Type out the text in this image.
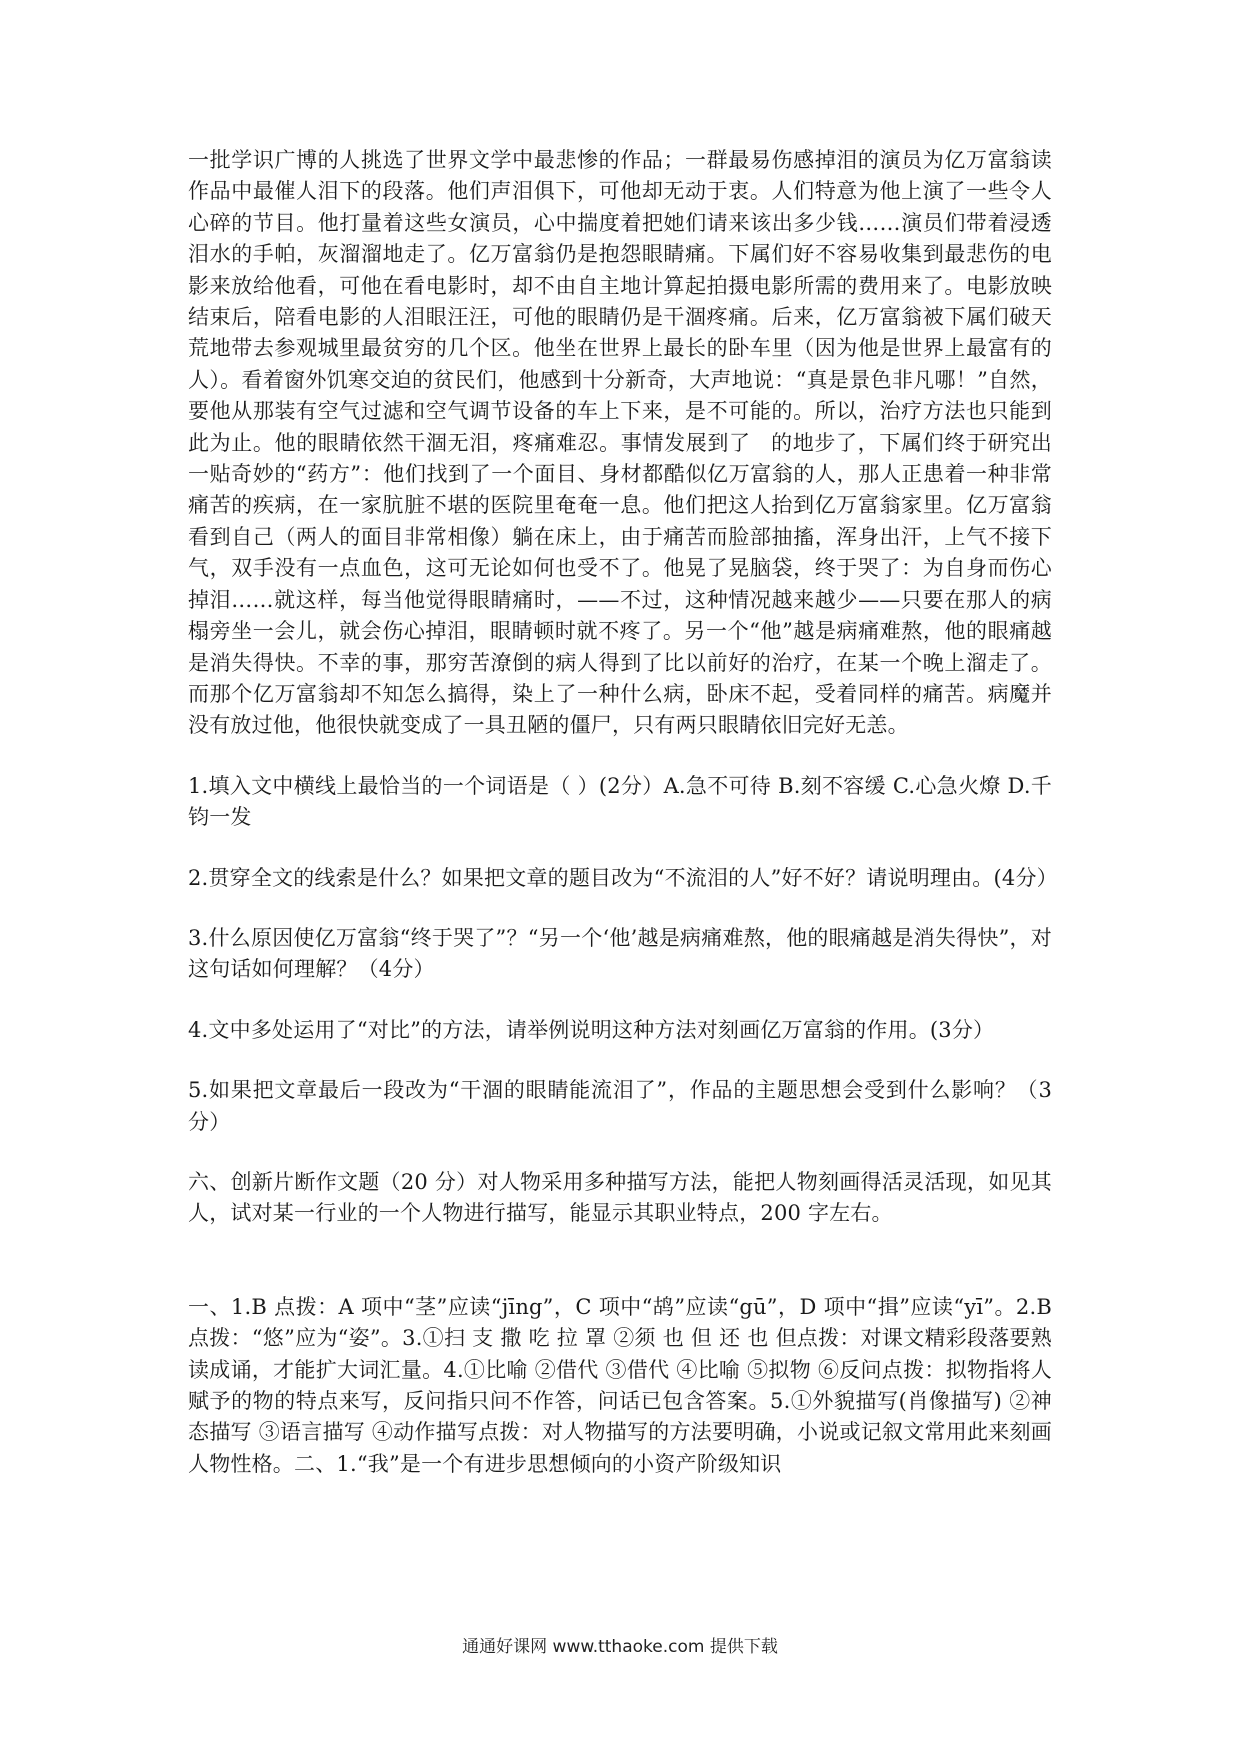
一批学识广博的人挑选了世界文学中最悲惨的作品；一群最易伤感掉泪的演员为亿万富翁读作品中最催人泪下的段落。他们声泪俱下，可他却无动于衷。人们特意为他上演了一些令人心碎的节目。他打量着这些女演员，心中揣度着把她们请来该出多少钱……演员们带着浸透泪水的手帕，灰溜溜地走了。亿万富翁仍是抱怨眼睛痛。下属们好不容易收集到最悲伤的电影来放给他看，可他在看电影时，却不由自主地计算起拍摄电影所需的费用来了。电影放映结束后，陪看电影的人泪眼汪汪，可他的眼睛仍是干涸疼痛。后来，亿万富翁被下属们破天荒地带去参观城里最贫穷的几个区。他坐在世界上最长的卧车里（因为他是世界上最富有的人）。看着窗外饥寒交迫的贫民们，他感到十分新奇，大声地说：“真是景色非凡哪！”自然，要他从那装有空气过滤和空气调节设备的车上下来，是不可能的。所以，治疗方法也只能到此为止。他的眼睛依然干涸无泪，疼痛难忍。事情发展到了 的地步了，下属们终于研究出一贴奇妙的“药方”：他们找到了一个面目、身材都酷似亿万富翁的人，那人正患着一种非常痛苦的疾病，在一家肮脏不堪的医院里奄奄一息。他们把这人抬到亿万富翁家里。亿万富翁看到自己（两人的面目非常相像）躺在床上，由于痛苦而脸部抽搐，浑身出汗，上气不接下气，双手没有一点血色，这可无论如何也受不了。他晃了晃脑袋，终于哭了：为自身而伤心掉泪……就这样，每当他觉得眼睛痛时，——不过，这种情况越来越少——只要在那人的病榻旁坐一会儿，就会伤心掉泪，眼睛顿时就不疼了。另一个“他”越是病痛难熬，他的眼痛越是消失得快。不幸的事，那穷苦潦倒的病人得到了比以前好的治疗，在某一个晚上溜走了。而那个亿万富翁却不知怎么搞得，染上了一种什么病，卧床不起，受着同样的痛苦。病魔并没有放过他，他很快就变成了一具丑陋的僵尸，只有两只眼睛依旧完好无恙。

1.填入文中横线上最恰当的一个词语是（ ）(2分）A.急不可待 B.刻不容缓 C.心急火燎 D.千钧一发

2.贯穿全文的线索是什么？如果把文章的题目改为“不流泪的人”好不好？请说明理由。(4分）

3.什么原因使亿万富翁“终于哭了”？“另一个‘他’越是病痛难熬，他的眼痛越是消失得快”，对这句话如何理解？（4分）

4.文中多处运用了“对比”的方法，请举例说明这种方法对刻画亿万富翁的作用。(3分）

5.如果把文章最后一段改为“干涸的眼睛能流泪了”，作品的主题思想会受到什么影响？（3分）

六、创新片断作文题（20 分）对人物采用多种描写方法，能把人物刻画得活灵活现，如见其人，试对某一行业的一个人物进行描写，能显示其职业特点，200 字左右。

一、1.B 点拨：A 项中“茎”应读“jīng”，C 项中“鸪”应读“gū”，D 项中“揖”应读“yī”。2.B 点拨：“悠”应为“姿”。3.①扫 支 撒 吃 拉 罩 ②须 也 但 还 也 但点拨：对课文精彩段落要熟读成诵，才能扩大词汇量。4.①比喻 ②借代 ③借代 ④比喻 ⑤拟物 ⑥反问点拨：拟物指将人赋予的物的特点来写，反问指只问不作答，问话已包含答案。5.①外貌描写(肖像描写) ②神态描写 ③语言描写 ④动作描写点拨：对人物描写的方法要明确，小说或记叙文常用此来刻画人物性格。二、1.“我”是一个有进步思想倾向的小资产阶级知识

通通好课网 www.tthaoke.com 提供下载
